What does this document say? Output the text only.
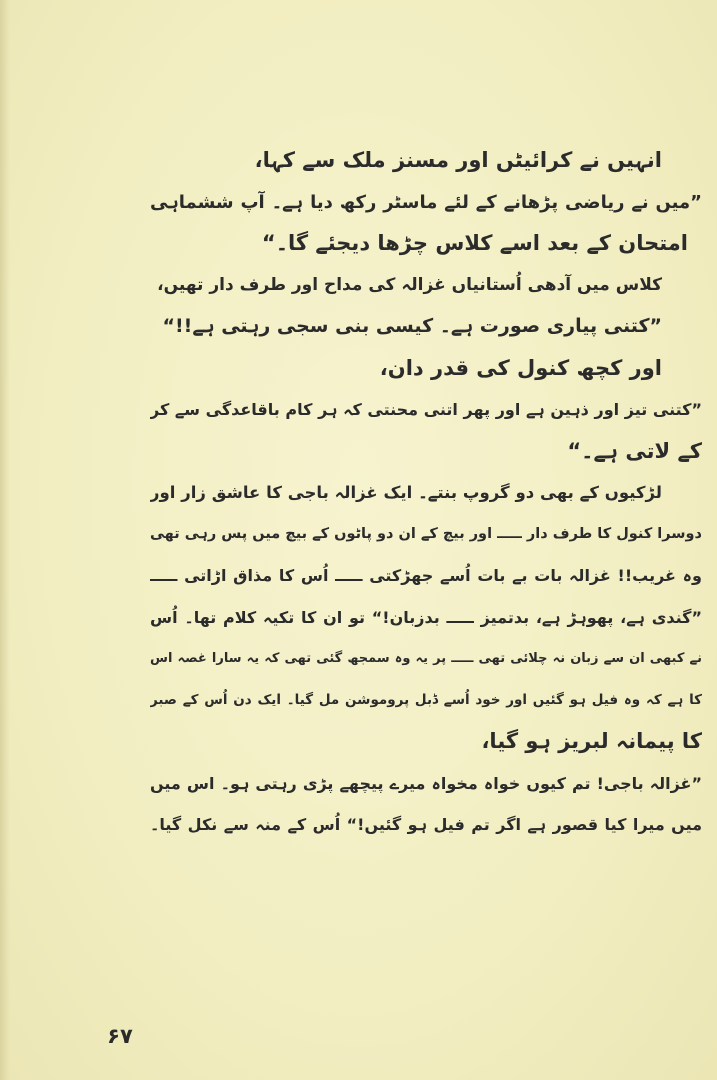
انہیں نے کرائیٹں اور مسنز ملک سے کہا،
”میں نے ریاضی پڑھانے کے لئے ماسٹر رکھ دیا ہے۔ آپ ششماہی
امتحان کے بعد اسے کلاس چڑھا دیجئے گا۔“
کلاس میں آدھی اُستانیاں غزالہ کی مداح اور طرف دار تھیں،
”کتنی پیاری صورت ہے۔ کیسی بنی سجی رہتی ہے!!“
اور کچھ کنول کی قدر دان،
”کتنی تیز اور ذہین ہے اور پھر اتنی محنتی کہ ہر کام باقاعدگی سے کر
کے لاتی ہے۔“
لڑکیوں کے بھی دو گروپ بنتے۔ ایک غزالہ باجی کا عاشق زار اور
دوسرا کنول کا طرف دار ـــــ اور بیچ کے ان دو پاٹوں کے بیچ میں پس رہی تھی
وہ غریب!! غزالہ بات بے بات اُسے جھڑکتی ـــــ اُس کا مذاق اڑاتی ـــــ
”گندی ہے، پھوہڑ ہے، بدتمیز ـــــ بدزبان!“ تو ان کا تکیہ کلام تھا۔ اُس
نے کبھی ان سے زبان نہ چلائی تھی ـــــ پر یہ وہ سمجھ گئی تھی کہ یہ سارا غصہ اس
کا ہے کہ وہ فیل ہو گئیں اور خود اُسے ڈبل پروموشن مل گیا۔ ایک دن اُس کے صبر
کا پیمانہ لبریز ہو گیا،
”غزالہ باجی! تم کیوں خواہ مخواہ میرے پیچھے پڑی رہتی ہو۔ اس میں
میں میرا کیا قصور ہے اگر تم فیل ہو گئیں!“ اُس کے منہ سے نکل گیا۔
۶۷
